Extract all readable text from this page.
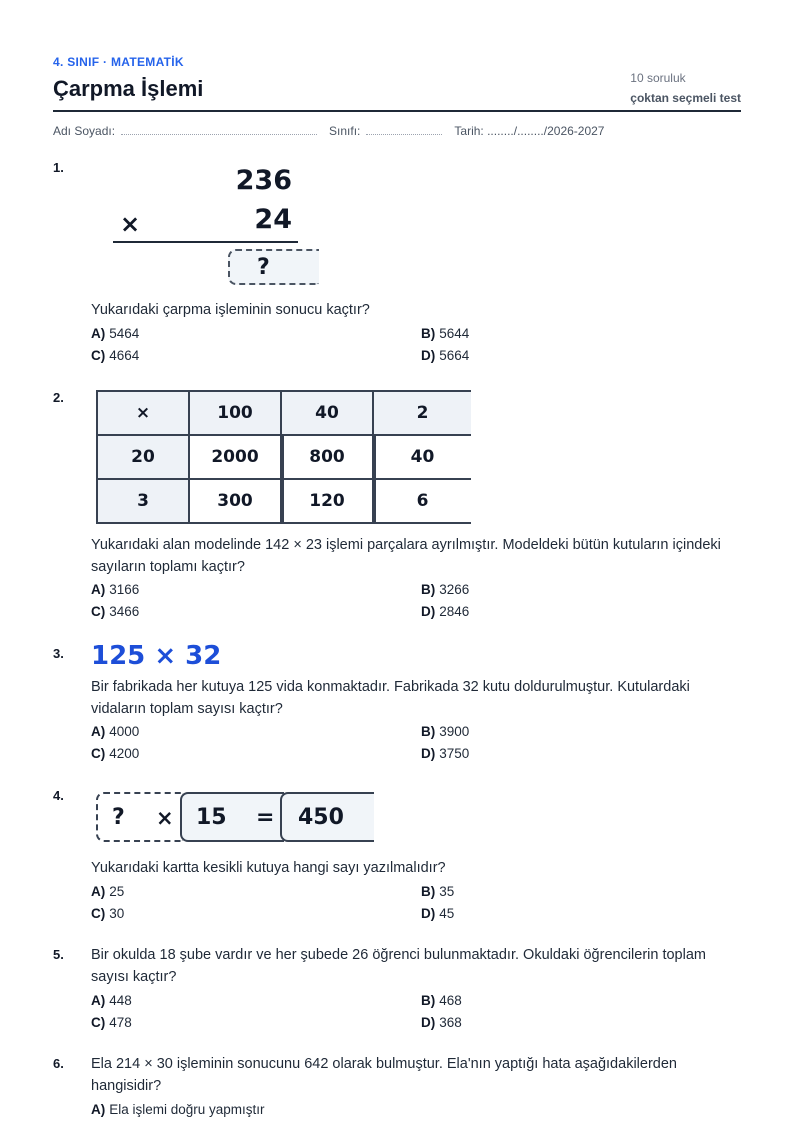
4. SINIF · MATEMATİK
Çarpma İşlemi	10 soruluk
çoktan seçmeli test
Adı Soyadı:	Sınıfı:	Tarih: ......../......../2026-2027
1.	236
×	24
?
Yukarıdaki çarpma işleminin sonucu kaçtır?
A) 5464	B) 5644
C) 4664	D) 5664
2.
×	100	40	2
20	2000	800	40
3	300	120	6
Yukarıdaki alan modelinde 142 × 23 işlemi parçalara ayrılmıştır. Modeldeki bütün kutuların içindeki sayıların toplamı kaçtır?
A) 3166	B) 3266
C) 3466	D) 2846
3. 125 × 32
Bir fabrikada her kutuya 125 vida konmaktadır. Fabrikada 32 kutu doldurulmuştur. Kutulardaki vidaların toplam sayısı kaçtır?
A) 4000	B) 3900
C) 4200	D) 3750
4.
? × 15 = 450
Yukarıdaki kartta kesikli kutuya hangi sayı yazılmalıdır?
A) 25	B) 35
C) 30	D) 45
5. Bir okulda 18 şube vardır ve her şubede 26 öğrenci bulunmaktadır. Okuldaki öğrencilerin toplam sayısı kaçtır?
A) 448	B) 468
C) 478	D) 368
6. Ela 214 × 30 işleminin sonucunu 642 olarak bulmuştur. Ela'nın yaptığı hata aşağıdakilerden hangisidir?
A) Ela işlemi doğru yapmıştır
